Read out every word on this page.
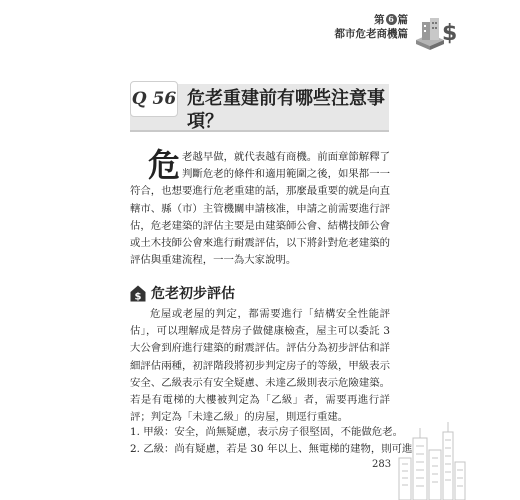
第 6 篇
都市危老商機篇 $
Q 56 危老重建前有哪些注意事項？
危老越早做，就代表越有商機。前面章節解釋了判斷危老的條件和適用範圍之後，如果都一一符合，也想要進行危老重建的話，那麼最重要的就是向直轄市、縣（市）主管機關申請核准，申請之前需要進行評估，危老建築的評估主要是由建築師公會、結構技師公會或土木技師公會來進行耐震評估，以下將針對危老建築的評估與重建流程，一一為大家說明。
$ 危老初步評估
危屋或老屋的判定，都需要進行「結構安全性能評估」，可以理解成是替房子做健康檢查，屋主可以委託 3 大公會到府進行建築的耐震評估。評估分為初步評估和詳細評估兩種，初評階段將初步判定房子的等級，甲級表示安全、乙級表示有安全疑慮、未達乙級則表示危險建築。若是有電梯的大樓被判定為「乙級」者，需要再進行詳評；判定為「未達乙級」的房屋，則逕行重建。
1. 甲級：安全，尚無疑慮，表示房子很堅固，不能做危老。
2. 乙級：尚有疑慮，若是 30 年以上、無電梯的建物，則可進
283
